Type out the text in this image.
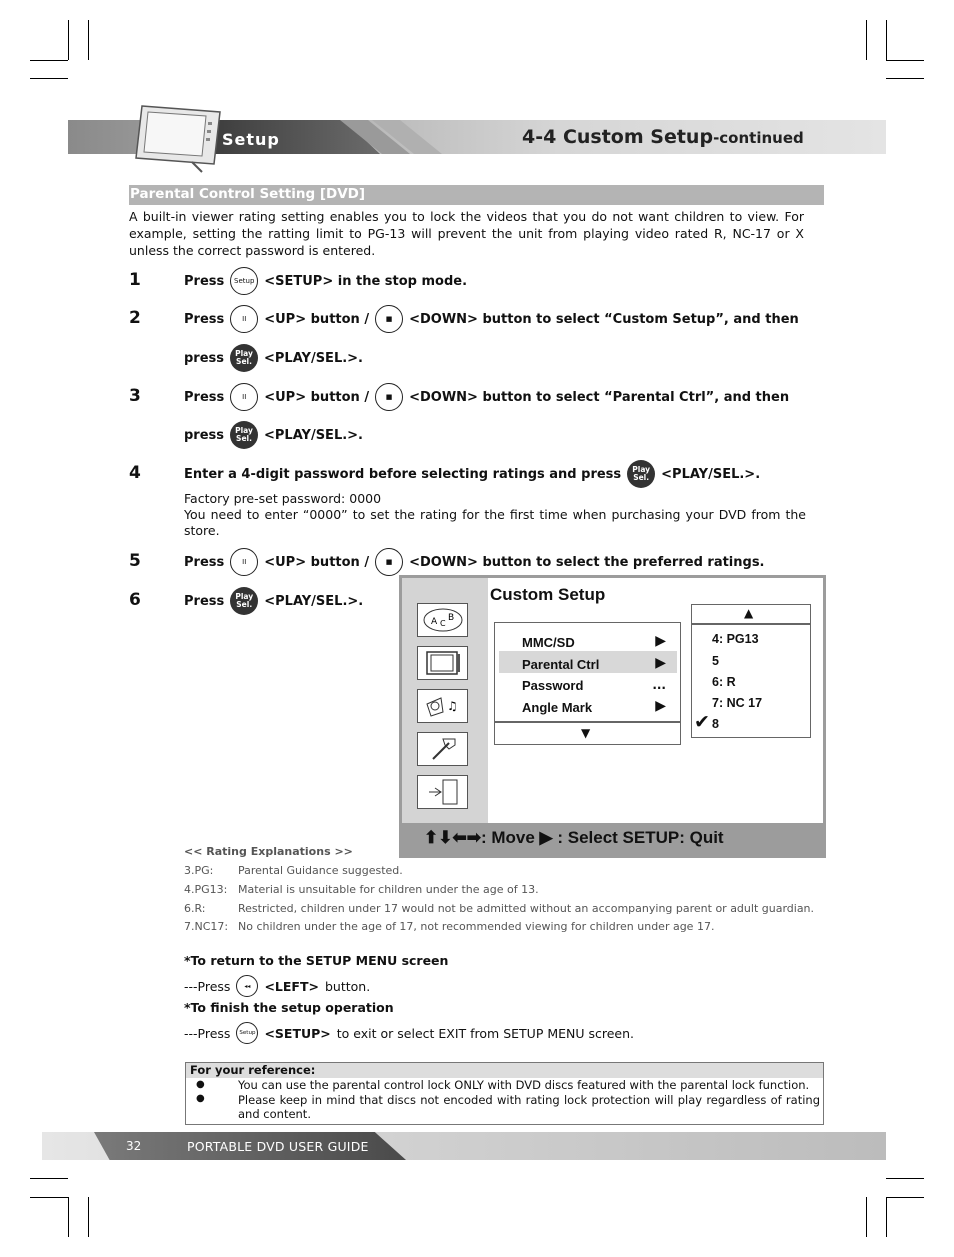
Setup	4-4 Custom Setup-continued
Parental Control Setting [DVD]
A built-in viewer rating setting enables you to lock the videos that you do not want children to view. For example, setting the ratting limit to PG-13 will prevent the unit from playing video rated R, NC-17 or X unless the correct password is entered.
1	Press	Setup <SETUP> in the stop mode.
2	Press	II	<UP> button /	■	<DOWN> button to select “Custom Setup”, and then
press Play
Sel. <PLAY/SEL.>.
3	Press	II	<UP> button /	■	<DOWN> button to select “Parental Ctrl”, and then
press Play
Sel. <PLAY/SEL.>.
4	Enter a 4-digit password before selecting ratings and press Play
Sel. <PLAY/SEL.>.
Factory pre-set password: 0000
You need to enter “0000” to set the rating for the first time when purchasing your DVD from the store.
5	Press	II	<UP> button /	■	<DOWN> button to select the preferred ratings.
6	Press Play
Sel. <PLAY/SEL.>.
A C
B
♫
Custom Setup
MMC/SD	▶
Parental Ctrl	▶
Password	...
Angle Mark	▶
▼
▲
4: PG13
5
6: R
7: NC 17
✔ 8
⬆⬇⬅➡: Move ▶ : Select SETUP: Quit
<< Rating Explanations >>
3.PG: Parental Guidance suggested.
4.PG13: Material is unsuitable for children under the age of 13.
6.R:	Restricted, children under 17 would not be admitted without an accompanying parent or adult guardian.
7.NC17: No children under the age of 17, not recommended viewing for children under age 17.
*To return to the SETUP MENU screen
---Press	◂◂	<LEFT> button.
*To finish the setup operation
---Press	Setup <SETUP> to exit or select EXIT from SETUP MENU screen.
For your reference:
●
●
You can use the parental control lock ONLY with DVD discs featured with the parental lock function.
Please keep in mind that discs not encoded with rating lock protection will play regardless of rating and content.
32	PORTABLE DVD USER GUIDE
